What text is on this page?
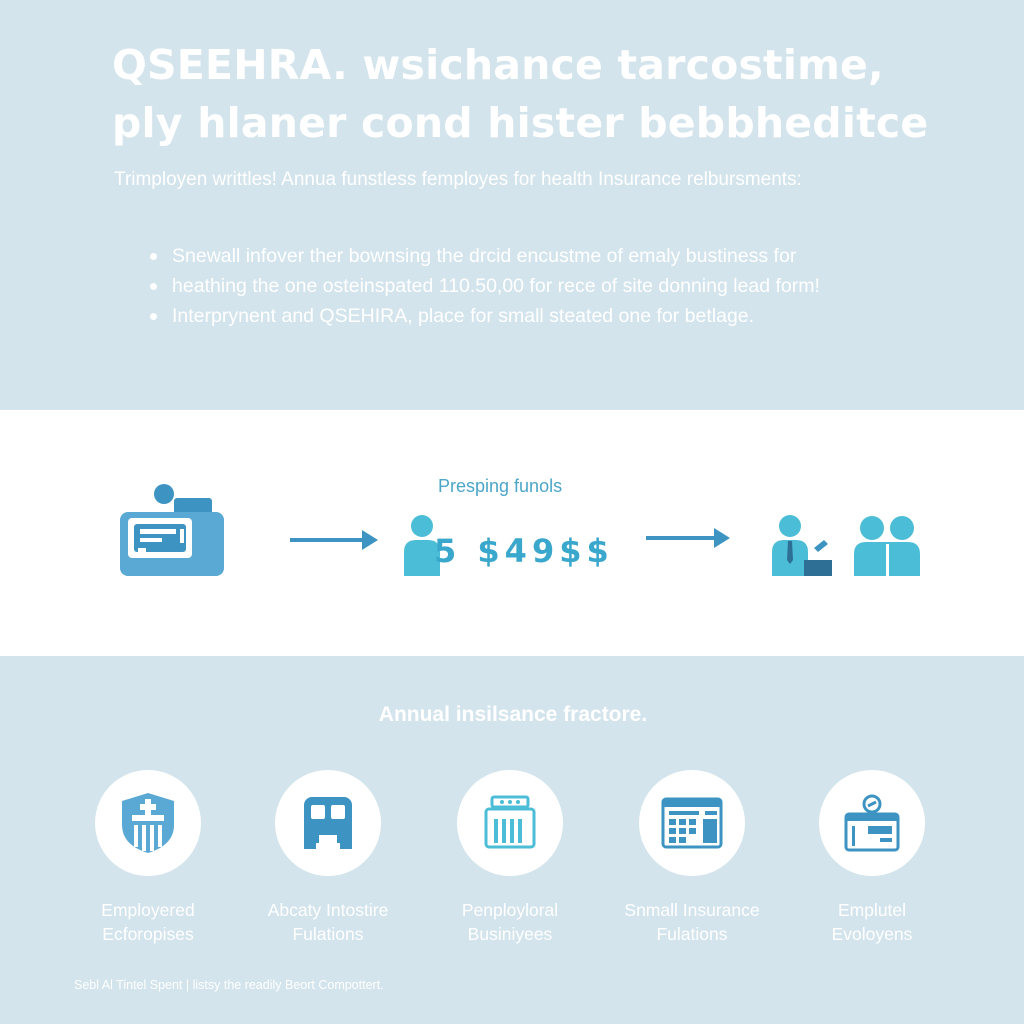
QSEEHRA. wsichance tarcostime,
ply hlaner cond hister bebbheditce

Trimployen writtles! Annua funstless femployes for health Insurance relbursments:

Snewall infover ther bownsing the drcid encustme of emaly bustiness for
heathing the one osteinspated 110.50,00 for rece of site donning lead form!
Interprynent and QSEHIRA, place for small steated one for betlage.
Presping funols
5 $49$$
Annual insilsance fractore.
Employered
Ecforopises
Abcaty Intostire
Fulations
Penployloral
Businiyees
Snmall Insurance
Fulations
Emplutel
Evoloyens
Sebl Al Tintel Spent | listsy the readily Beort Compottert.
